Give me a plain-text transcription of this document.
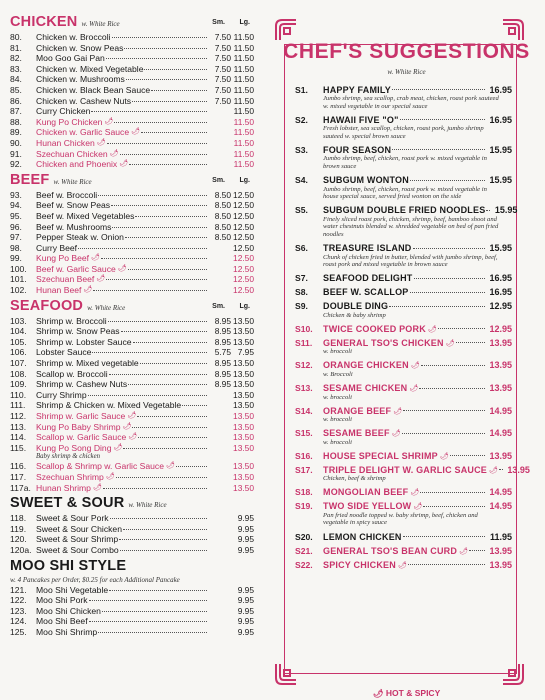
CHICKEN w. White Rice	Sm. Lg.
80.	Chicken w. Broccoli	7.50 11.50
81.	Chicken w. Snow Peas	7.50 11.50
82.	Moo Goo Gai Pan	7.50 11.50
83.	Chicken w. Mixed Vegetable	7.50 11.50
84.	Chicken w. Mushrooms	7.50 11.50
85.	Chicken w. Black Bean Sauce	7.50 11.50
86.	Chicken w. Cashew Nuts	7.50 11.50
87.	Curry Chicken	11.50
88.	Kung Po Chicken 🌶︎	11.50
89.	Chicken w. Garlic Sauce 🌶︎	11.50
90.	Hunan Chicken 🌶︎	11.50
91.	Szechuan Chicken 🌶︎	11.50
92.	Chicken and Phoenix 🌶︎	11.50
BEEF w. White Rice	Sm. Lg.
93.	Beef w. Broccoli	8.50 12.50
94.	Beef w. Snow Peas	8.50 12.50
95.	Beef w. Mixed Vegetables	8.50 12.50
96.	Beef w. Mushrooms	8.50 12.50
97.	Pepper Steak w. Onion	8.50 12.50
98.	Curry Beef	12.50
99.	Kung Po Beef 🌶︎	12.50
100.	Beef w. Garlic Sauce 🌶︎	12.50
101.	Szechuan Beef 🌶︎	12.50
102.	Hunan Beef 🌶︎	12.50
SEAFOOD w. White Rice	Sm. Lg.
103.	Shrimp w. Broccoli	8.95 13.50
104.	Shrimp w. Snow Peas	8.95 13.50
105.	Shrimp w. Lobster Sauce	8.95 13.50
106.	Lobster Sauce	5.75 7.95
107.	Shrimp w. Mixed vegetable	8.95 13.50
108.	Scallop w. Broccoli	8.95 13.50
109.	Shrimp w. Cashew Nuts	8.95 13.50
110.	Curry Shrimp	13.50
111.	Shrimp & Chicken w. Mixed Vegetable	13.50
112.	Shrimp w. Garlic Sauce 🌶︎	13.50
113.	Kung Po Baby Shrimp 🌶︎	13.50
114.	Scallop w. Garlic Sauce 🌶︎	13.50
115.	Kung Po Song Ding 🌶︎	13.50
Baby shrimp & chicken
116.	Scallop & Shrimp w. Garlic Sauce 🌶︎	13.50
117.	Szechuan Shrimp 🌶︎	13.50
117a. Hunan Shrimp 🌶︎	13.50
SWEET & SOUR w. White Rice
118.	Sweet & Sour Pork	9.95
119.	Sweet & Sour Chicken	9.95
120.	Sweet & Sour Shrimp	9.95
120a. Sweet & Sour Combo	9.95
MOO SHI STYLE
w. 4 Pancakes per Order, $0.25 for each Additional Pancake
121.	Moo Shi Vegetable	9.95
122.	Moo Shi Pork	9.95
123.	Moo Shi Chicken	9.95
124.	Moo Shi Beef	9.95
125.	Moo Shi Shrimp	9.95
CHEF'S SUGGESTIONS
w. White Rice
S1.	HAPPY FAMILY	16.95
Jumbo shrimp, sea scallop, crab meat, chicken, roast pork sauteed w. mixed vegetable in our special sauce
S2.	HAWAII FIVE "O"	16.95
Fresh lobster, sea scallop, chicken, roast pork, jumbo shrimp sauteed w. special brown sauce
S3.	FOUR SEASON	15.95
Jumbo shrimp, beef, chicken, roast pork w. mixed vegetable in brown sauce
S4.	SUBGUM WONTON	15.95
Jumbo shrimp, beef, chicken, roast pork w. mixed vegetable in house special sauce, served fried wonton on the side
S5.	SUBGUM DOUBLE FRIED NOODLES	15.95
Finely sliced roast pork, chicken, shrimp, beef, bamboo shoot and water chestnuts blended w. shredded vegetable on bed of pan fried noodles
S6.	TREASURE ISLAND	15.95
Chunk of chicken fried in butter, blended with jumbo shrimp, beef, roast pork and mixed vegetable in brown sauce
S7.	SEAFOOD DELIGHT	16.95
S8.	BEEF W. SCALLOP	16.95
S9.	DOUBLE DING	12.95
Chicken & baby shrimp
S10.	TWICE COOKED PORK 🌶︎	12.95
S11.	GENERAL TSO'S CHICKEN 🌶︎	13.95
w. broccoli
S12.	ORANGE CHICKEN 🌶︎	13.95
w. Broccoli
S13.	SESAME CHICKEN 🌶︎	13.95
w. broccoli
S14.	ORANGE BEEF 🌶︎	14.95
w. broccoli
S15.	SESAME BEEF 🌶︎	14.95
w. broccoli
S16.	HOUSE SPECIAL SHRIMP 🌶︎	13.95
S17.	TRIPLE DELIGHT W. GARLIC SAUCE 🌶︎	13.95
Chicken, beef & shrimp
S18.	MONGOLIAN BEEF 🌶︎	14.95
S19.	TWO SIDE YELLOW 🌶︎	14.95
Pan fried noodle topped w. baby shrimp, beef, chicken and vegetable in spicy sauce
S20.	LEMON CHICKEN	11.95
S21.	GENERAL TSO'S BEAN CURD 🌶︎	13.95
S22.	SPICY CHICKEN 🌶︎	13.95
🌶︎ HOT & SPICY
